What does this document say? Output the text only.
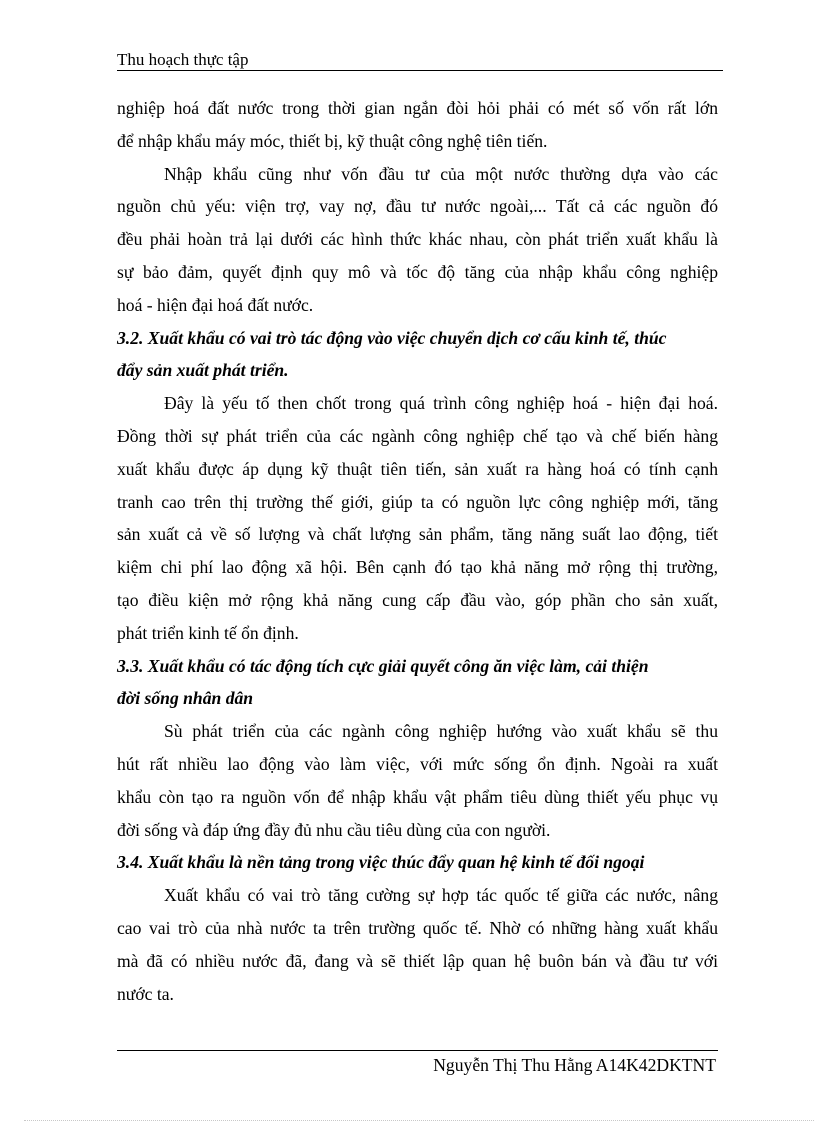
Thu hoạch thực tập

nghiệp hoá đất nước trong thời gian ngắn đòi hỏi phải có mét số vốn rất lớn
để nhập khẩu máy móc, thiết bị, kỹ thuật công nghệ tiên tiến.

Nhập khẩu cũng như vốn đầu tư của một nước thường dựa vào các
nguồn chủ yếu: viện trợ, vay nợ, đầu tư nước ngoài,... Tất cả các nguồn đó
đều phải hoàn trả lại dưới các hình thức khác nhau, còn phát triển xuất khẩu là
sự bảo đảm, quyết định quy mô và tốc độ tăng của nhập khẩu công nghiệp
hoá - hiện đại hoá đất nước.

3.2. Xuất khẩu có vai trò tác động vào việc chuyển dịch cơ cấu kinh tế, thúc
đẩy sản xuất phát triển.

Đây là yếu tố then chốt trong quá trình công nghiệp hoá - hiện đại hoá.
Đồng thời sự phát triển của các ngành công nghiệp chế tạo và chế biến hàng
xuất khẩu được áp dụng kỹ thuật tiên tiến, sản xuất ra hàng hoá có tính cạnh
tranh cao trên thị trường thế giới, giúp ta có nguồn lực công nghiệp mới, tăng
sản xuất cả về số lượng và chất lượng sản phẩm, tăng năng suất lao động, tiết
kiệm chi phí lao động xã hội. Bên cạnh đó tạo khả năng mở rộng thị trường,
tạo điều kiện mở rộng khả năng cung cấp đầu vào, góp phần cho sản xuất,
phát triển kinh tế ổn định.

3.3. Xuất khẩu có tác động tích cực giải quyết công ăn việc làm, cải thiện
đời sống nhân dân

Sù phát triển của các ngành công nghiệp hướng vào xuất khẩu sẽ thu
hút rất nhiều lao động vào làm việc, với mức sống ổn định. Ngoài ra xuất
khẩu còn tạo ra nguồn vốn để nhập khẩu vật phẩm tiêu dùng thiết yếu phục vụ
đời sống và đáp ứng đầy đủ nhu cầu tiêu dùng của con người.

3.4. Xuất khẩu là nền tảng trong việc thúc đẩy quan hệ kinh tế đối ngoại

Xuất khẩu có vai trò tăng cường sự hợp tác quốc tế giữa các nước, nâng
cao vai trò của nhà nước ta trên trường quốc tế. Nhờ có những hàng xuất khẩu
mà đã có nhiều nước đã, đang và sẽ thiết lập quan hệ buôn bán và đầu tư với
nước ta.

Nguyễn Thị Thu Hằng A14K42DKTNT
